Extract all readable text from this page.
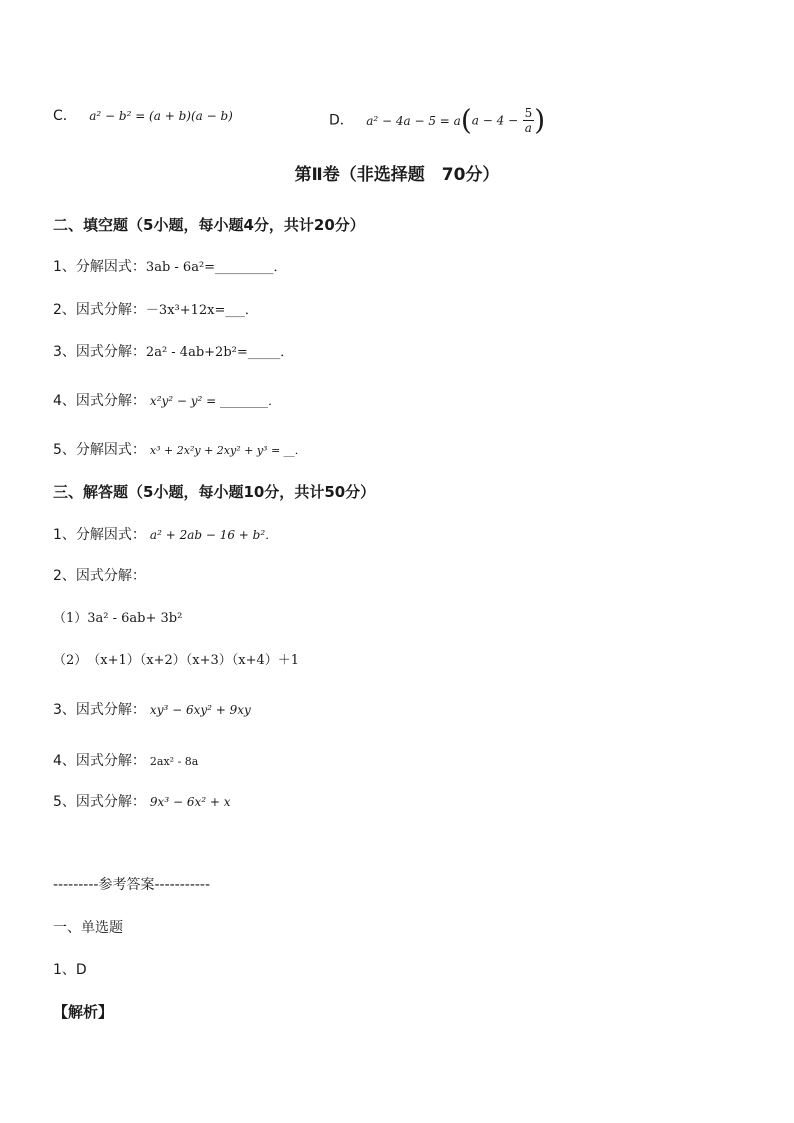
C． a² − b² = (a + b)(a − b)	D． $a^2 - 4a - 5 = a(a - 4 - \frac{5}{a}$ )
第Ⅱ卷（非选择题　70分）
二、填空题（5小题，每小题4分，共计20分）
1、分解因式：3ab - 6a²=_________．
2、因式分解：－3x³+12x=___．
3、因式分解：2a² - 4ab+2b²=_____．
4、因式分解： x²y² − y² = ________．
5、分解因式： x³ + 2x²y + 2xy² + y³ = __．
三、解答题（5小题，每小题10分，共计50分）
1、分解因式： a² + 2ab − 16 + b²．
2、因式分解：
（1）3a² - 6ab+ 3b²
（2）　（x+1）（x+2）（x+3）（x+4）＋1
3、因式分解： xy³ − 6xy² + 9xy
4、因式分解： 2ax² - 8a
5、因式分解： 9x³ − 6x² + x
---------参考答案-----------
一、单选题
1、D
【解析】
